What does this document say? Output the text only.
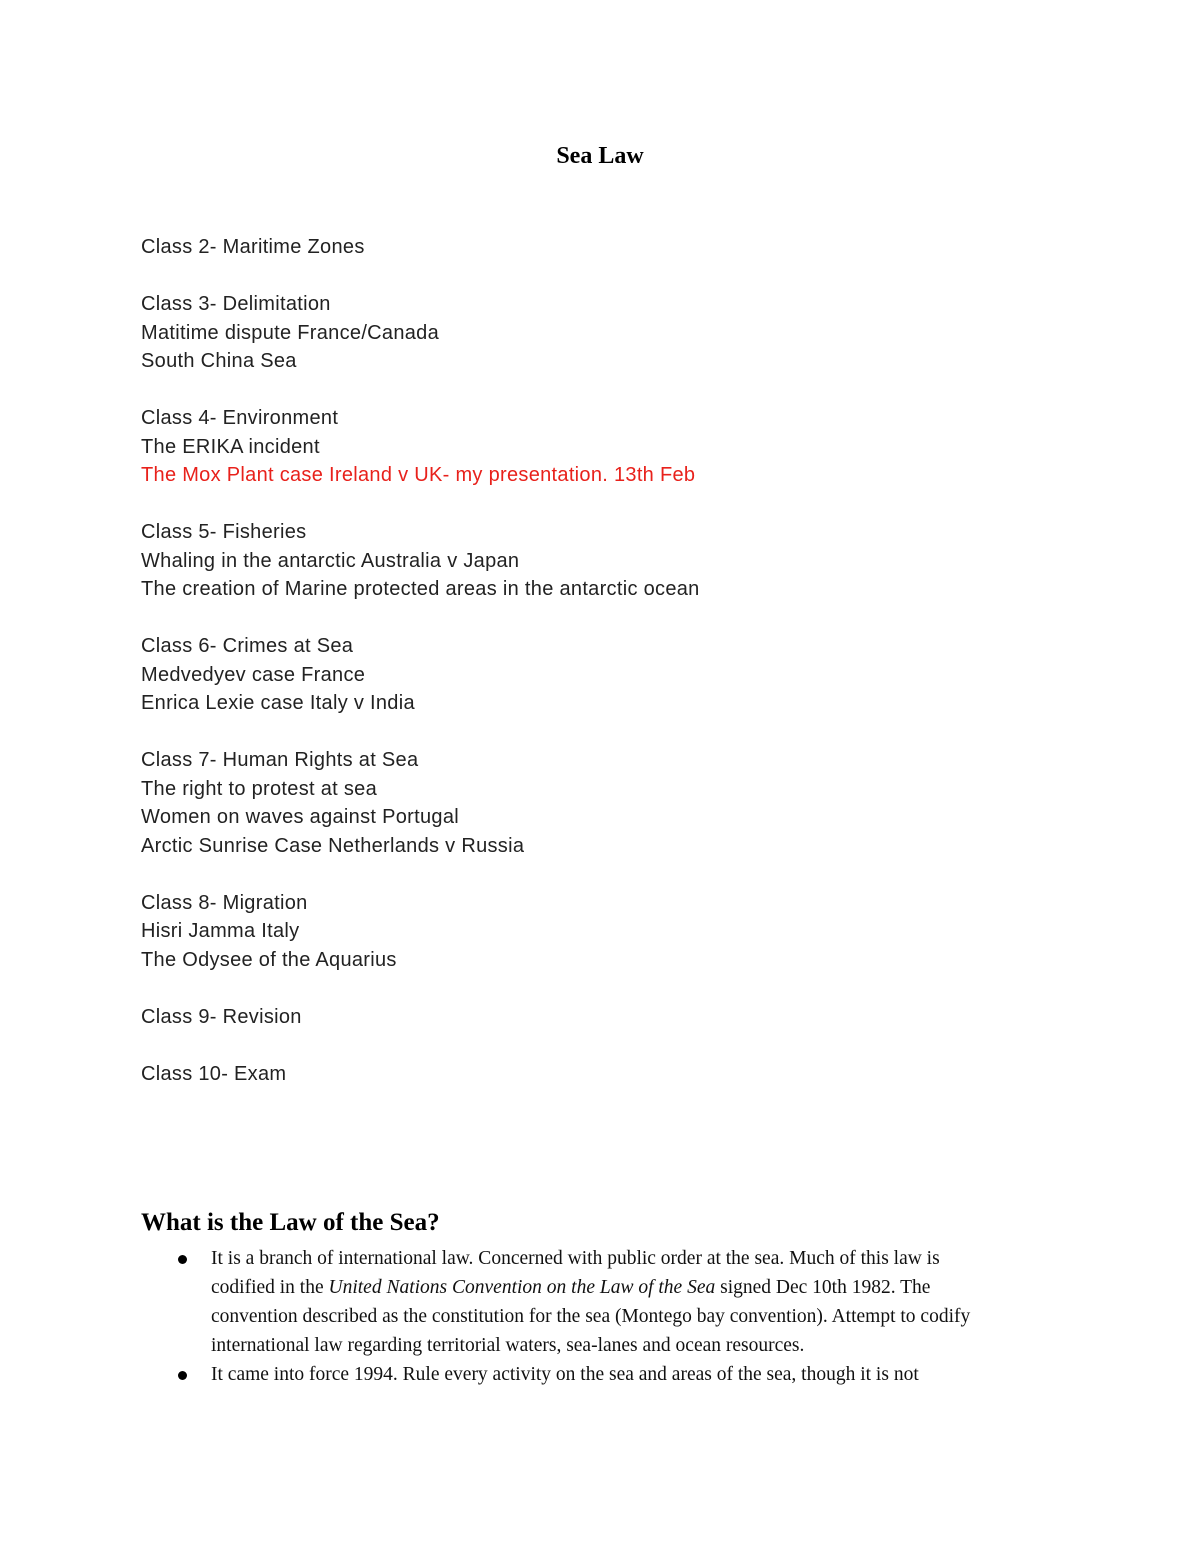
Sea Law
Class 2- Maritime Zones
Class 3- Delimitation
Matitime dispute France/Canada
South China Sea
Class 4- Environment
The ERIKA incident
The Mox Plant case Ireland v UK- my presentation. 13th Feb
Class 5- Fisheries
Whaling in the antarctic Australia v Japan
The creation of Marine protected areas in the antarctic ocean
Class 6- Crimes at Sea
Medvedyev case France
Enrica Lexie case Italy v India
Class 7- Human Rights at Sea
The right to protest at sea
Women on waves against Portugal
Arctic Sunrise Case Netherlands v Russia
Class 8- Migration
Hisri Jamma Italy
The Odysee of the Aquarius
Class 9- Revision
Class 10- Exam
What is the Law of the Sea?
It is a branch of international law. Concerned with public order at the sea. Much of this law is
codified in the United Nations Convention on the Law of the Sea signed Dec 10th 1982. The
convention described as the constitution for the sea (Montego bay convention). Attempt to codify
international law regarding territorial waters, sea-lanes and ocean resources.
It came into force 1994. Rule every activity on the sea and areas of the sea, though it is not
